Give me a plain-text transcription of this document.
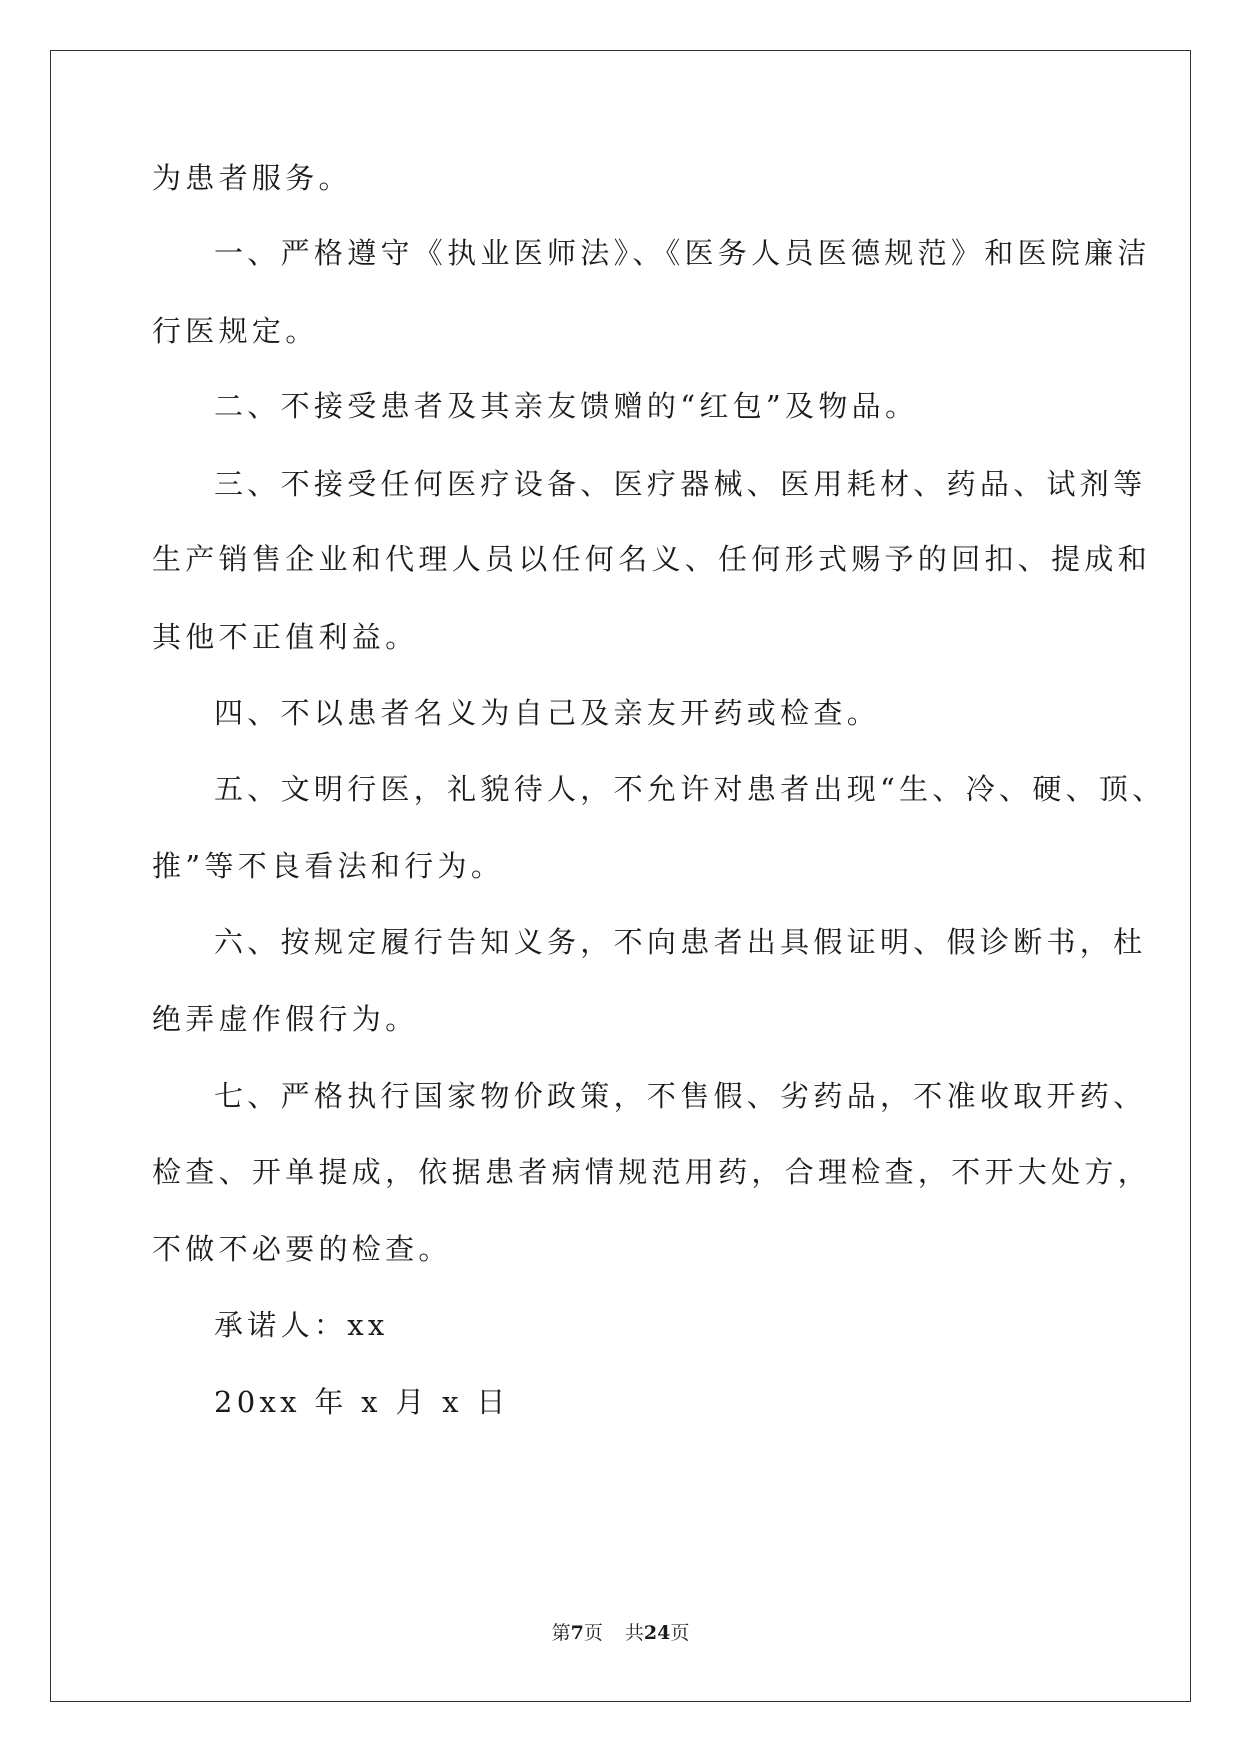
为患者服务。
一、严格遵守《执业医师法》、《医务人员医德规范》和医院廉洁
行医规定。
二、不接受患者及其亲友馈赠的“红包”及物品。
三、不接受任何医疗设备、医疗器械、医用耗材、药品、试剂等
生产销售企业和代理人员以任何名义、任何形式赐予的回扣、提成和
其他不正值利益。
四、不以患者名义为自己及亲友开药或检查。
五、文明行医，礼貌待人，不允许对患者出现“生、冷、硬、顶、
推”等不良看法和行为。
六、按规定履行告知义务，不向患者出具假证明、假诊断书，杜
绝弄虚作假行为。
七、严格执行国家物价政策，不售假、劣药品，不准收取开药、
检查、开单提成，依据患者病情规范用药，合理检查，不开大处方，
不做不必要的检查。
承诺人：xx
20xx 年 x 月 x 日
第7页 共24页
